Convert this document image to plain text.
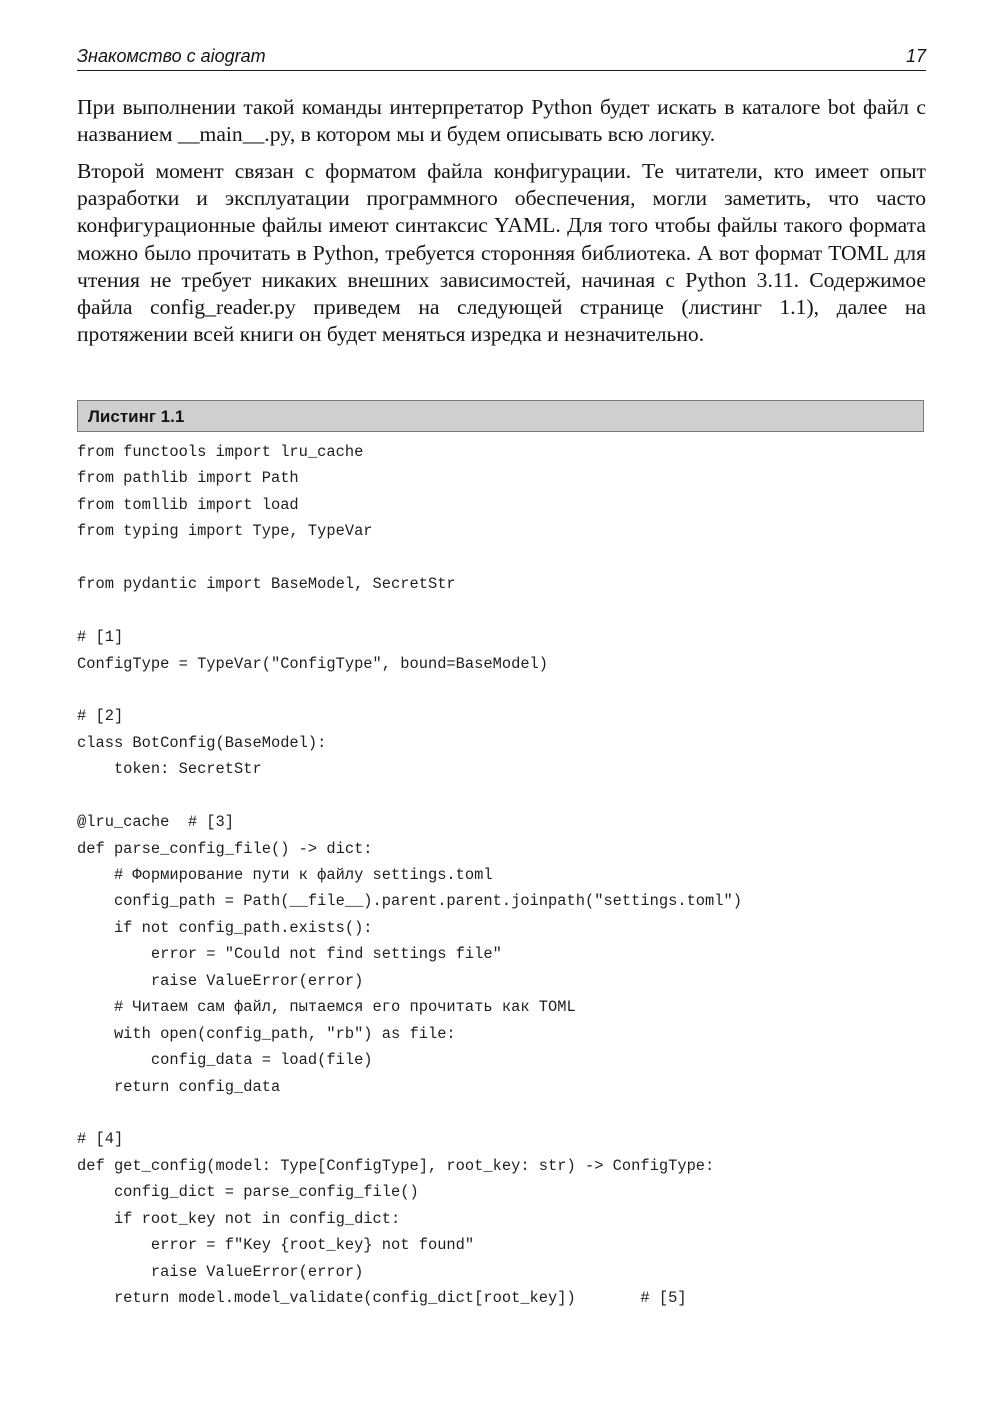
Знакомство с aiogram	17

При выполнении такой команды интерпретатор Python будет искать в каталоге bot файл с названием __main__.py, в котором мы и будем описывать всю логику.

Второй момент связан с форматом файла конфигурации. Те читатели, кто имеет опыт разработки и эксплуатации программного обеспечения, могли заметить, что часто конфигурационные файлы имеют синтаксис YAML. Для того чтобы файлы такого формата можно было прочитать в Python, требуется сторонняя библиотека. А вот формат TOML для чтения не требует никаких внешних зависимостей, начиная с Python 3.11. Содержимое файла config_reader.py приведем на следующей странице (листинг 1.1), далее на протяжении всей книги он будет меняться изредка и незначительно.

Листинг 1.1
from functools import lru_cache
from pathlib import Path
from tomllib import load
from typing import Type, TypeVar
from pydantic import BaseModel, SecretStr
# [1]
ConfigType = TypeVar("ConfigType", bound=BaseModel)
# [2]
class BotConfig(BaseModel):
token: SecretStr
@lru_cache  # [3]
def parse_config_file() -> dict:
# Формирование пути к файлу settings.toml
config_path = Path(__file__).parent.parent.joinpath("settings.toml")
if not config_path.exists():
error = "Could not find settings file"
raise ValueError(error)
# Читаем сам файл, пытаемся его прочитать как TOML
with open(config_path, "rb") as file:
config_data = load(file)
return config_data
# [4]
def get_config(model: Type[ConfigType], root_key: str) -> ConfigType:
config_dict = parse_config_file()
if root_key not in config_dict:
error = f"Key {root_key} not found"
raise ValueError(error)
return model.model_validate(config_dict[root_key])       # [5]
